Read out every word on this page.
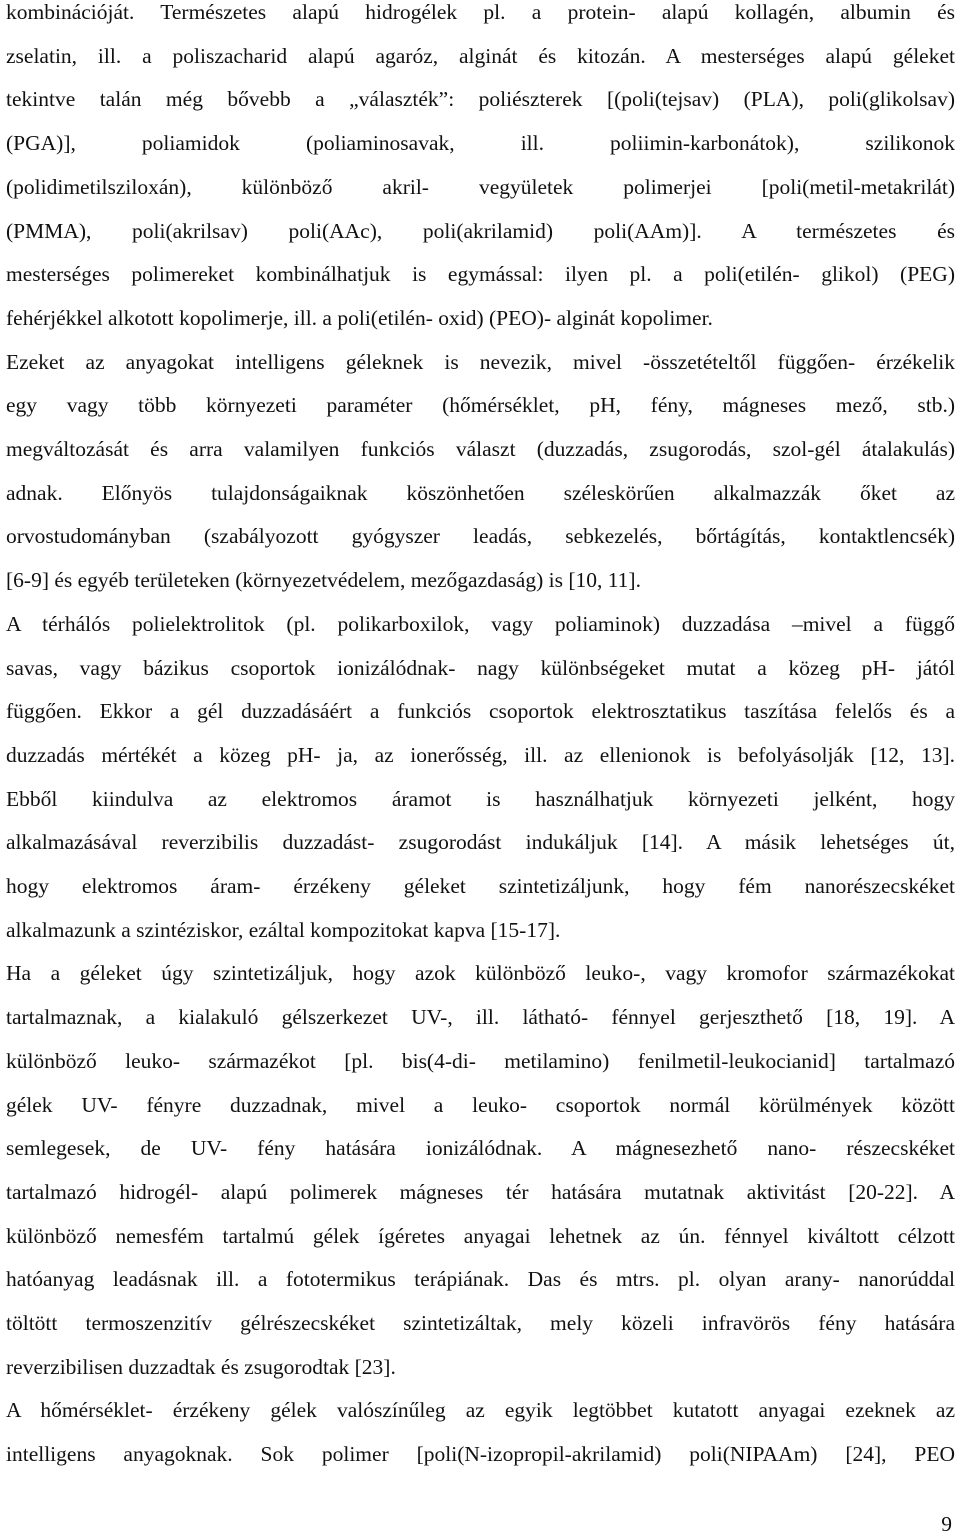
kombinációját. Természetes alapú hidrogélek pl. a protein- alapú kollagén, albumin és
zselatin, ill. a poliszacharid alapú agaróz, alginát és kitozán. A mesterséges alapú géleket
tekintve talán még bővebb a „választék”: poliészterek [(poli(tejsav) (PLA), poli(glikolsav)
(PGA)], poliamidok (poliaminosavak, ill. poliimin-karbonátok), szilikonok
(polidimetilsziloxán), különböző akril- vegyületek polimerjei [poli(metil-metakrilát)
(PMMA), poli(akrilsav) poli(AAc), poli(akrilamid) poli(AAm)]. A természetes és
mesterséges polimereket kombinálhatjuk is egymással: ilyen pl. a poli(etilén- glikol) (PEG)
fehérjékkel alkotott kopolimerje, ill. a poli(etilén- oxid) (PEO)- alginát kopolimer.
Ezeket az anyagokat intelligens géleknek is nevezik, mivel -összetételtől függően- érzékelik
egy vagy több környezeti paraméter (hőmérséklet, pH, fény, mágneses mező, stb.)
megváltozását és arra valamilyen funkciós választ (duzzadás, zsugorodás, szol-gél átalakulás)
adnak. Előnyös tulajdonságaiknak köszönhetően széleskörűen alkalmazzák őket az
orvostudományban (szabályozott gyógyszer leadás, sebkezelés, bőrtágítás, kontaktlencsék)
[6-9] és egyéb területeken (környezetvédelem, mezőgazdaság) is [10, 11].
A térhálós polielektrolitok (pl. polikarboxilok, vagy poliaminok) duzzadása –mivel a függő
savas, vagy bázikus csoportok ionizálódnak- nagy különbségeket mutat a közeg pH- jától
függően. Ekkor a gél duzzadásáért a funkciós csoportok elektrosztatikus taszítása felelős és a
duzzadás mértékét a közeg pH- ja, az ionerősség, ill. az ellenionok is befolyásolják [12, 13].
Ebből kiindulva az elektromos áramot is használhatjuk környezeti jelként, hogy
alkalmazásával reverzibilis duzzadást- zsugorodást indukáljuk [14]. A másik lehetséges út,
hogy elektromos áram- érzékeny géleket szintetizáljunk, hogy fém nanorészecskéket
alkalmazunk a szintéziskor, ezáltal kompozitokat kapva [15-17].
Ha a géleket úgy szintetizáljuk, hogy azok különböző leuko-, vagy kromofor származékokat
tartalmaznak, a kialakuló gélszerkezet UV-, ill. látható- fénnyel gerjeszthető [18, 19]. A
különböző leuko- származékot [pl. bis(4-di- metilamino) fenilmetil-leukocianid] tartalmazó
gélek UV- fényre duzzadnak, mivel a leuko- csoportok normál körülmények között
semlegesek, de UV- fény hatására ionizálódnak. A mágnesezhető nano- részecskéket
tartalmazó hidrogél- alapú polimerek mágneses tér hatására mutatnak aktivitást [20-22]. A
különböző nemesfém tartalmú gélek ígéretes anyagai lehetnek az ún. fénnyel kiváltott célzott
hatóanyag leadásnak ill. a fototermikus terápiának. Das és mtrs. pl. olyan arany- nanorúddal
töltött termoszenzitív gélrészecskéket szintetizáltak, mely közeli infravörös fény hatására
reverzibilisen duzzadtak és zsugorodtak [23].
A hőmérséklet- érzékeny gélek valószínűleg az egyik legtöbbet kutatott anyagai ezeknek az
intelligens anyagoknak. Sok polimer [poli(N-izopropil-akrilamid) poli(NIPAAm) [24], PEO
9
